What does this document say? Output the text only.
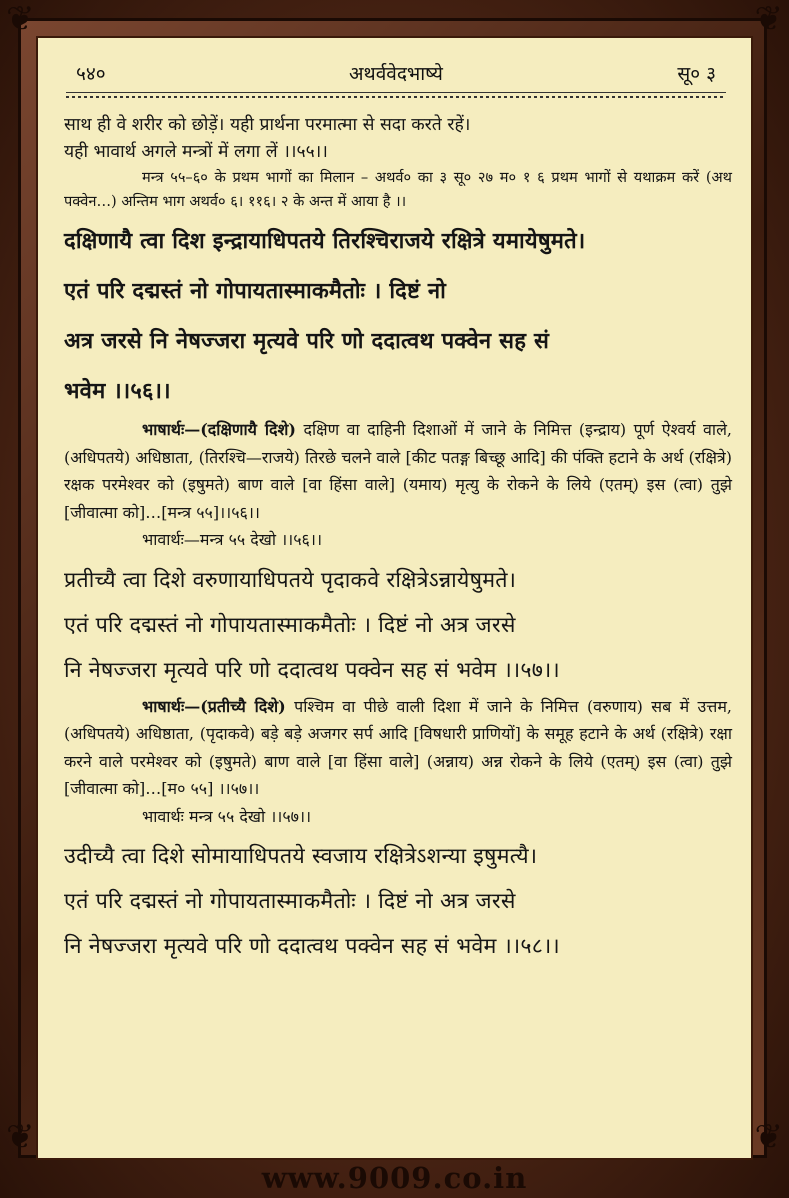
❦	❦
❦	❦
५४०	अथर्ववेदभाष्ये	सू० ३

साथ ही वे शरीर को छोड़ें। यही प्रार्थना परमात्मा से सदा करते रहें।

यही भावार्थ अगले मन्त्रों में लगा लें ।।५५।।

मन्त्र ५५–६० के प्रथम भागों का मिलान – अथर्व० का ३ सू० २७ म० १ ६ प्रथम भागों से यथाक्रम करें (अथ पक्वेन…) अन्तिम भाग अथर्व० ६। ११६। २ के अन्त में आया है ।।

दक्षिणायै त्वा दिश इन्द्रायाधिपतये तिरश्चिराजये रक्षित्रे यमायेषुमते।

एतं परि दद्मस्तं नो गोपायतास्माकमैतोः । दिष्टं नो

अत्र जरसे नि नेषज्जरा मृत्यवे परि णो ददात्वथ पक्वेन सह सं

भवेम ।।५६।।

भाषार्थः—(दक्षिणायै दिशे) दक्षिण वा दाहिनी दिशाओं में जाने के निमित्त (इन्द्राय) पूर्ण ऐश्वर्य वाले, (अधिपतये) अधिष्ठाता, (तिरश्चि—राजये) तिरछे चलने वाले [कीट पतङ्ग बिच्छू आदि] की पंक्ति हटाने के अर्थ (रक्षित्रे) रक्षक परमेश्वर को (इषुमते) बाण वाले [वा हिंसा वाले] (यमाय) मृत्यु के रोकने के लिये (एतम्) इस (त्वा) तुझे [जीवात्मा को]…[मन्त्र ५५]।।५६।।

भावार्थः—मन्त्र ५५ देखो ।।५६।।

प्रतीच्यै त्वा दिशे वरुणायाधिपतये पृदाकवे रक्षित्रेऽन्नायेषुमते।

एतं परि दद्मस्तं नो गोपायतास्माकमैतोः । दिष्टं नो अत्र जरसे

नि नेषज्जरा मृत्यवे परि णो ददात्वथ पक्वेन सह सं भवेम ।।५७।।

भाषार्थः—(प्रतीच्यै दिशे) पश्चिम वा पीछे वाली दिशा में जाने के निमित्त (वरुणाय) सब में उत्तम, (अधिपतये) अधिष्ठाता, (पृदाकवे) बड़े बड़े अजगर सर्प आदि [विषधारी प्राणियों] के समूह हटाने के अर्थ (रक्षित्रे) रक्षा करने वाले परमेश्वर को (इषुमते) बाण वाले [वा हिंसा वाले] (अन्नाय) अन्न रोकने के लिये (एतम्) इस (त्वा) तुझे [जीवात्मा को]…[म० ५५] ।।५७।।

भावार्थः मन्त्र ५५ देखो ।।५७।।

उदीच्यै त्वा दिशे सोमायाधिपतये स्वजाय रक्षित्रेऽशन्या इषुमत्यै।

एतं परि दद्मस्तं नो गोपायतास्माकमैतोः । दिष्टं नो अत्र जरसे

नि नेषज्जरा मृत्यवे परि णो ददात्वथ पक्वेन सह सं भवेम ।।५८।।

www.9009.co.in
